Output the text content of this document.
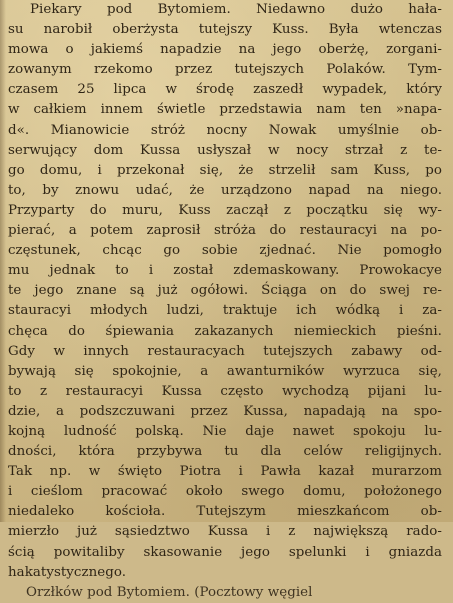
Piekary pod Bytomiem. Niedawno dużo hała-
su narobił oberżysta tutejszy Kuss. Była wtenczas
mowa o jakiemś napadzie na jego oberżę, zorgani-
zowanym rzekomo przez tutejszych Polaków. Tym-
czasem 25 lipca w środę zaszedł wypadek, który
w całkiem innem świetle przedstawia nam ten »napa-
d«. Mianowicie stróż nocny Nowak umyślnie ob-
serwujący dom Kussa usłyszał w nocy strzał z te-
go domu, i przekonał się, że strzelił sam Kuss, po
to, by znowu udać, że urządzono napad na niego.
Przyparty do muru, Kuss zaczął z początku się wy-
pierać, a potem zaprosił stróża do restauracyi na po-
częstunek, chcąc go sobie zjednać. Nie pomogło
mu jednak to i został zdemaskowany. Prowokacye
te jego znane są już ogółowi. Ściąga on do swej re-
stauracyi młodych ludzi, traktuje ich wódką i za-
chęca do śpiewania zakazanych niemieckich pieśni.
Gdy w innych restauracyach tutejszych zabawy od-
bywają się spokojnie, a awanturników wyrzuca się,
to z restauracyi Kussa często wychodzą pijani lu-
dzie, a podszczuwani przez Kussa, napadają na spo-
kojną ludność polską. Nie daje nawet spokoju lu-
dności, która przybywa tu dla celów religijnych.
Tak np. w święto Piotra i Pawła kazał murarzom
i cieślom pracować około swego domu, położonego
niedaleko kościoła. Tutejszym mieszkańcom ob-
mierzło już sąsiedztwo Kussa i z największą rado-
ścią powitaliby skasowanie jego spelunki i gniazda
hakatystycznego.
Orzłków pod Bytomiem. (Pocztowy węgiel
